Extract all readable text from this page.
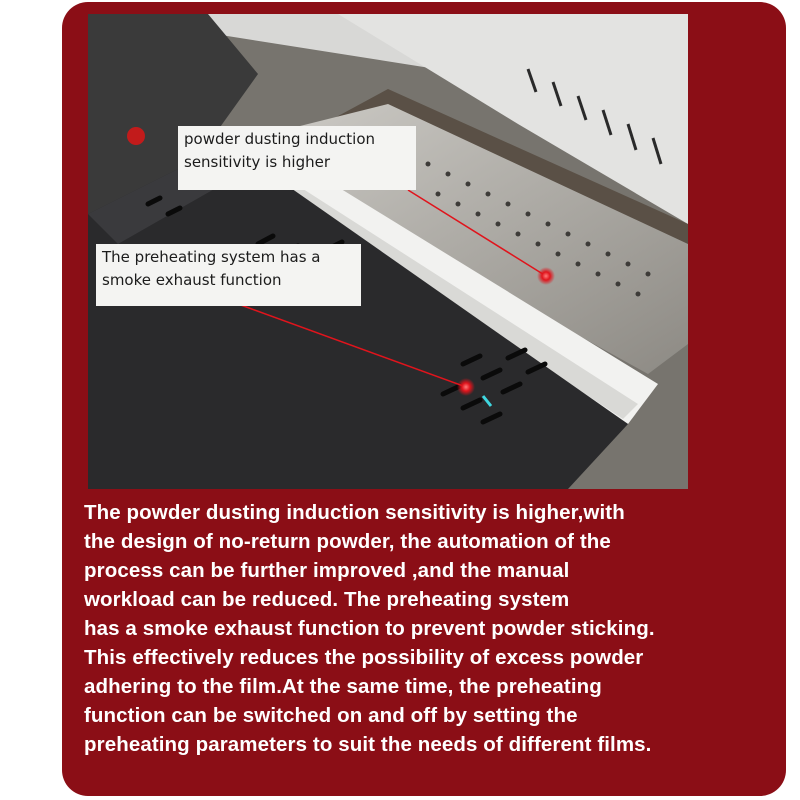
powder dusting induction
sensitivity is higher
The preheating system has a
smoke exhaust function
The powder dusting induction sensitivity is higher,with
the design of no-return powder, the automation of the
process can be further improved ,and the manual
workload can be reduced. The preheating system
has a smoke exhaust function to prevent powder sticking.
This effectively reduces the possibility of excess powder
adhering to the film.At the same time, the preheating
function can be switched on and off by setting the
preheating parameters to suit the needs of different films.
